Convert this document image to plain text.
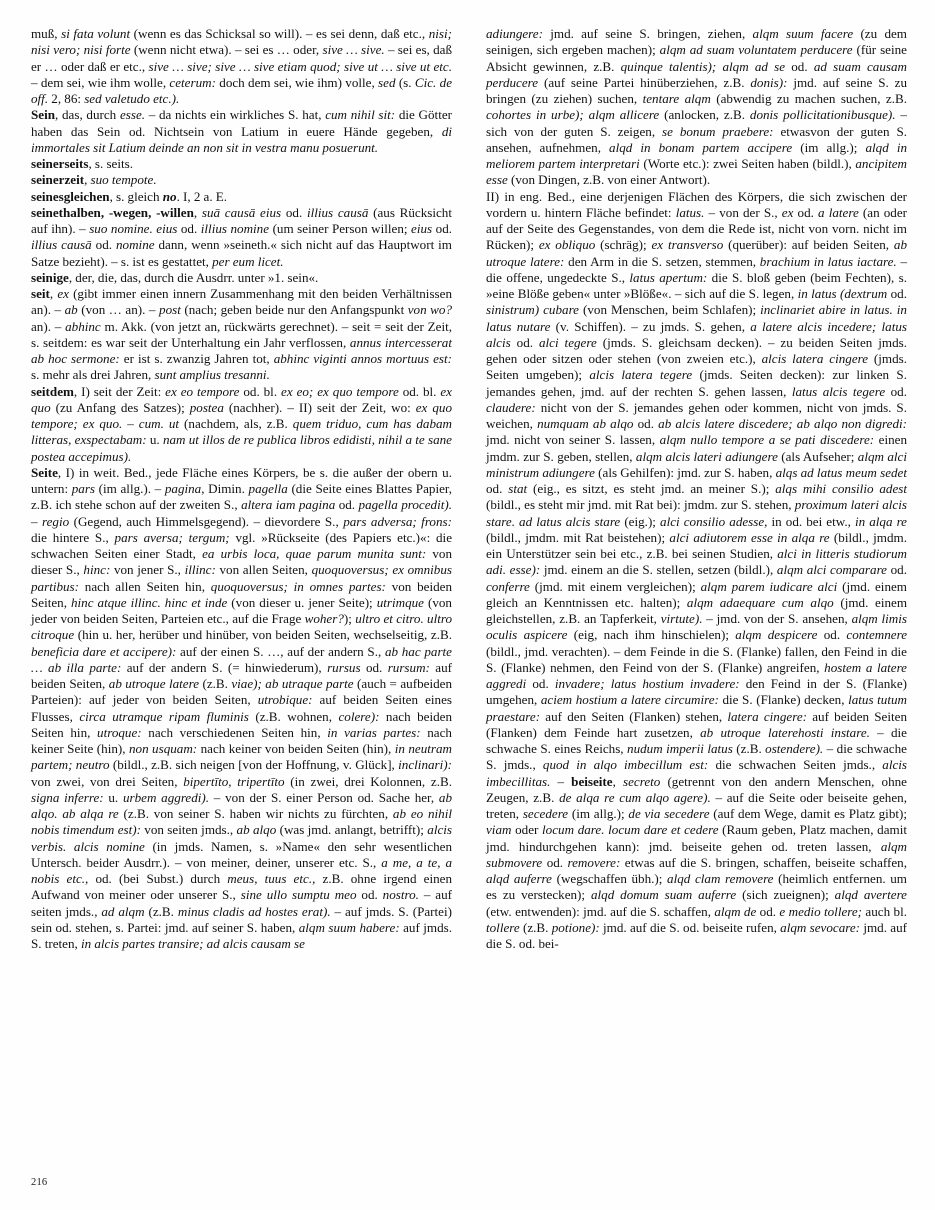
muß, si fata volunt (wenn es das Schicksal so will). – es sei denn, daß etc., nisi; nisi vero; nisi forte (wenn nicht etwa). – sei es … oder, sive … sive. – sei es, daß er … oder daß er etc., sive … sive; sive … sive etiam quod; sive ut … sive ut etc. – dem sei, wie ihm wolle, ceterum: doch dem sei, wie ihm) volle, sed (s. Cic. de off. 2, 86: sed valetudo etc.).

Sein, das, durch esse. – da nichts ein wirkliches S. hat, cum nihil sit: die Götter haben das Sein od. Nichtsein von Latium in euere Hände gegeben, di immortales sit Latium deinde an non sit in vestra manu posuerunt.

seinerseits, s. seits.

seinerzeit, suo tempote.

seinesgleichen, s. gleich no. I, 2 a. E.

seinethalben, -wegen, -willen, suā causā eius od. illius causā (aus Rücksicht auf ihn). – suo nomine. eius od. illius nomine (um seiner Person willen; eius od. illius causā od. nomine dann, wenn »seineth.« sich nicht auf das Hauptwort im Satze bezieht). – s. ist es gestattet, per eum licet.

seinige, der, die, das, durch die Ausdrr. unter »1. sein«.

seit, ex (gibt immer einen innern Zusammenhang mit den beiden Verhältnissen an). – ab (von … an). – post (nach; geben beide nur den Anfangspunkt von wo? an). – abhinc m. Akk. (von jetzt an, rückwärts gerechnet). – seit = seit der Zeit, s. seitdem: es war seit der Unterhaltung ein Jahr verflossen, annus intercesserat ab hoc sermone: er ist s. zwanzig Jahren tot, abhinc viginti annos mortuus est: s. mehr als drei Jahren, sunt amplius tresanni.

seitdem, I) seit der Zeit: ex eo tempore od. bl. ex eo; ex quo tempore od. bl. ex quo (zu Anfang des Satzes); postea (nachher). – II) seit der Zeit, wo: ex quo tempore; ex quo. – cum. ut (nachdem, als, z.B. quem triduo, cum has dabam litteras, exspectabam: u. nam ut illos de re publica libros edidisti, nihil a te sane postea accepimus).

Seite, I) in weit. Bed., jede Fläche eines Körpers, be s. die außer der obern u. untern: pars (im allg.). – pagina, Dimin. pagella (die Seite eines Blattes Papier, z.B. ich stehe schon auf der zweiten S., altera iam pagina od. pagella procedit). – regio (Gegend, auch Himmelsgegend). – dievordere S., pars adversa; frons: die hintere S., pars aversa; tergum; vgl. »Rückseite (des Papiers etc.)«: die schwachen Seiten einer Stadt, ea urbis loca, quae parum munita sunt: von dieser S., hinc: von jener S., illinc: von allen Seiten, quoquoversus; ex omnibus partibus: nach allen Seiten hin, quoquoversus; in omnes partes: von beiden Seiten, hinc atque illinc. hinc et inde (von dieser u. jener Seite); utrimque (von jeder von beiden Seiten, Parteien etc., auf die Frage woher?); ultro et citro. ultro citroque (hin u. her, herüber und hinüber, von beiden Seiten, wechselseitig, z.B. beneficia dare et accipere): auf der einen S. …, auf der andern S., ab hac parte … ab illa parte: auf der andern S. (= hinwiederum), rursus od. rursum: auf beiden Seiten, ab utroque latere (z.B. viae); ab utraque parte (auch = aufbeiden Parteien): auf jeder von beiden Seiten, utrobique: auf beiden Seiten eines Flusses, circa utramque ripam fluminis (z.B. wohnen, colere): nach beiden Seiten hin, utroque: nach verschiedenen Seiten hin, in varias partes: nach keiner Seite (hin), non usquam: nach keiner von beiden Seiten (hin), in neutram partem; neutro (bildl., z.B. sich neigen [von der Hoffnung, v. Glück], inclinari): von zwei, von drei Seiten, bipertīto, tripertīto (in zwei, drei Kolonnen, z.B. signa inferre: u. urbem aggredi). – von der S. einer Person od. Sache her, ab alqo. ab alqa re (z.B. von seiner S. haben wir nichts zu fürchten, ab eo nihil nobis timendum est): von seiten jmds., ab alqo (was jmd. anlangt, betrifft); alcis verbis. alcis nomine (in jmds. Namen, s. »Name« den sehr wesentlichen Untersch. beider Ausdrr.). – von meiner, deiner, unserer etc. S., a me, a te, a nobis etc., od. (bei Subst.) durch meus, tuus etc., z.B. ohne irgend einen Aufwand von meiner oder unserer S., sine ullo sumptu meo od. nostro. – auf seiten jmds., ad alqm (z.B. minus cladis ad hostes erat). – auf jmds. S. (Partei) sein od. stehen, s. Partei: jmd. auf seiner S. haben, alqm suum habere: auf jmds. S. treten, in alcis partes transire; ad alcis causam se

adiungere: jmd. auf seine S. bringen, ziehen, alqm suum facere (zu dem seinigen, sich ergeben machen); alqm ad suam voluntatem perducere (für seine Absicht gewinnen, z.B. quinque talentis); alqm ad se od. ad suam causam perducere (auf seine Partei hinüberziehen, z.B. donis): jmd. auf seine S. zu bringen (zu ziehen) suchen, tentare alqm (abwendig zu machen suchen, z.B. cohortes in urbe); alqm allicere (anlocken, z.B. donis pollicitationibusque). – sich von der guten S. zeigen, se bonum praebere: etwasvon der guten S. ansehen, aufnehmen, alqd in bonam partem accipere (im allg.); alqd in meliorem partem interpretari (Worte etc.): zwei Seiten haben (bildl.), ancipitem esse (von Dingen, z.B. von einer Antwort).

II) in eng. Bed., eine derjenigen Flächen des Körpers, die sich zwischen der vordern u. hintern Fläche befindet: latus. – von der S., ex od. a latere (an oder auf der Seite des Gegenstandes, von dem die Rede ist, nicht von vorn. nicht im Rücken); ex obliquo (schräg); ex transverso (querüber): auf beiden Seiten, ab utroque latere: den Arm in die S. setzen, stemmen, brachium in latus iactare. – die offene, ungedeckte S., latus apertum: die S. bloß geben (beim Fechten), s. »eine Blöße geben« unter »Blöße«. – sich auf die S. legen, in latus (dextrum od. sinistrum) cubare (von Menschen, beim Schlafen); inclinariet abire in latus. in latus nutare (v. Schiffen). – zu jmds. S. gehen, a latere alcis incedere; latus alcis od. alci tegere (jmds. S. gleichsam decken). – zu beiden Seiten jmds. gehen oder sitzen oder stehen (von zweien etc.), alcis latera cingere (jmds. Seiten umgeben); alcis latera tegere (jmds. Seiten decken): zur linken S. jemandes gehen, jmd. auf der rechten S. gehen lassen, latus alcis tegere od. claudere: nicht von der S. jemandes gehen oder kommen, nicht von jmds. S. weichen, numquam ab alqo od. ab alcis latere discedere; ab alqo non digredi: jmd. nicht von seiner S. lassen, alqm nullo tempore a se pati discedere: einen jmdm. zur S. geben, stellen, alqm alcis lateri adiungere (als Aufseher; alqm alci ministrum adiungere (als Gehilfen): jmd. zur S. haben, alqs ad latus meum sedet od. stat (eig., es sitzt, es steht jmd. an meiner S.); alqs mihi consilio adest (bildl., es steht mir jmd. mit Rat bei): jmdm. zur S. stehen, proximum lateri alcis stare. ad latus alcis stare (eig.); alci consilio adesse, in od. bei etw., in alqa re (bildl., jmdm. mit Rat beistehen); alci adiutorem esse in alqa re (bildl., jmdm. ein Unterstützer sein bei etc., z.B. bei seinen Studien, alci in litteris studiorum adi. esse): jmd. einem an die S. stellen, setzen (bildl.), alqm alci comparare od. conferre (jmd. mit einem vergleichen); alqm parem iudicare alci (jmd. einem gleich an Kenntnissen etc. halten); alqm adaequare cum alqo (jmd. einem gleichstellen, z.B. an Tapferkeit, virtute). – jmd. von der S. ansehen, alqm limis oculis aspicere (eig, nach ihm hinschielen); alqm despicere od. contemnere (bildl., jmd. verachten). – dem Feinde in die S. (Flanke) fallen, den Feind in die S. (Flanke) nehmen, den Feind von der S. (Flanke) angreifen, hostem a latere aggredi od. invadere; latus hostium invadere: den Feind in der S. (Flanke) umgehen, aciem hostium a latere circumire: die S. (Flanke) decken, latus tutum praestare: auf den Seiten (Flanken) stehen, latera cingere: auf beiden Seiten (Flanken) dem Feinde hart zusetzen, ab utroque laterehosti instare. – die schwache S. eines Reichs, nudum imperii latus (z.B. ostendere). – die schwache S. jmds., quod in alqo imbecillum est: die schwachen Seiten jmds., alcis imbecillitas. – beiseite, secreto (getrennt von den andern Menschen, ohne Zeugen, z.B. de alqa re cum alqo agere). – auf die Seite oder beiseite gehen, treten, secedere (im allg.); de via secedere (auf dem Wege, damit es Platz gibt); viam oder locum dare. locum dare et cedere (Raum geben, Platz machen, damit jmd. hindurchgehen kann): jmd. beiseite gehen od. treten lassen, alqm submovere od. removere: etwas auf die S. bringen, schaffen, beiseite schaffen, alqd auferre (wegschaffen übh.); alqd clam removere (heimlich entfernen. um es zu verstecken); alqd domum suam auferre (sich zueignen); alqd avertere (etw. entwenden): jmd. auf die S. schaffen, alqm de od. e medio tollere; auch bl. tollere (z.B. potione): jmd. auf die S. od. beiseite rufen, alqm sevocare: jmd. auf die S. od. bei-

216
